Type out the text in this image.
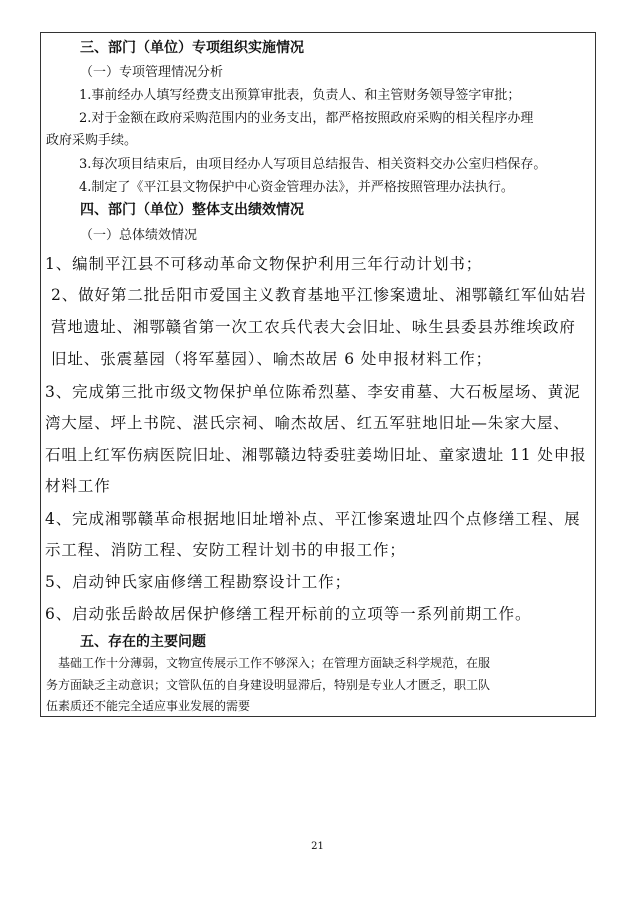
三、部门（单位）专项组织实施情况
（一）专项管理情况分析
1.事前经办人填写经费支出预算审批表，负责人、和主管财务领导签字审批；
2.对于金额在政府采购范围内的业务支出，都严格按照政府采购的相关程序办理
政府采购手续。
3.每次项目结束后，由项目经办人写项目总结报告、相关资料交办公室归档保存。
4.制定了《平江县文物保护中心资金管理办法》，并严格按照管理办法执行。
四、部门（单位）整体支出绩效情况
（一）总体绩效情况
1、编制平江县不可移动革命文物保护利用三年行动计划书；
2、做好第二批岳阳市爱国主义教育基地平江惨案遗址、湘鄂赣红军仙姑岩
营地遗址、湘鄂赣省第一次工农兵代表大会旧址、咏生县委县苏维埃政府
旧址、张震墓园（将军墓园）、喻杰故居 6 处申报材料工作；
3、完成第三批市级文物保护单位陈希烈墓、李安甫墓、大石板屋场、黄泥
湾大屋、坪上书院、湛氏宗祠、喻杰故居、红五军驻地旧址—朱家大屋、
石咀上红军伤病医院旧址、湘鄂赣边特委驻姜坳旧址、童家遗址 11 处申报
材料工作
4、完成湘鄂赣革命根据地旧址增补点、平江惨案遗址四个点修缮工程、展
示工程、消防工程、安防工程计划书的申报工作；
5、启动钟氏家庙修缮工程勘察设计工作；
6、启动张岳龄故居保护修缮工程开标前的立项等一系列前期工作。
五、存在的主要问题
基础工作十分薄弱，文物宣传展示工作不够深入；在管理方面缺乏科学规范，在服
务方面缺乏主动意识；文管队伍的自身建设明显滞后，特别是专业人才匮乏，职工队
伍素质还不能完全适应事业发展的需要
21
